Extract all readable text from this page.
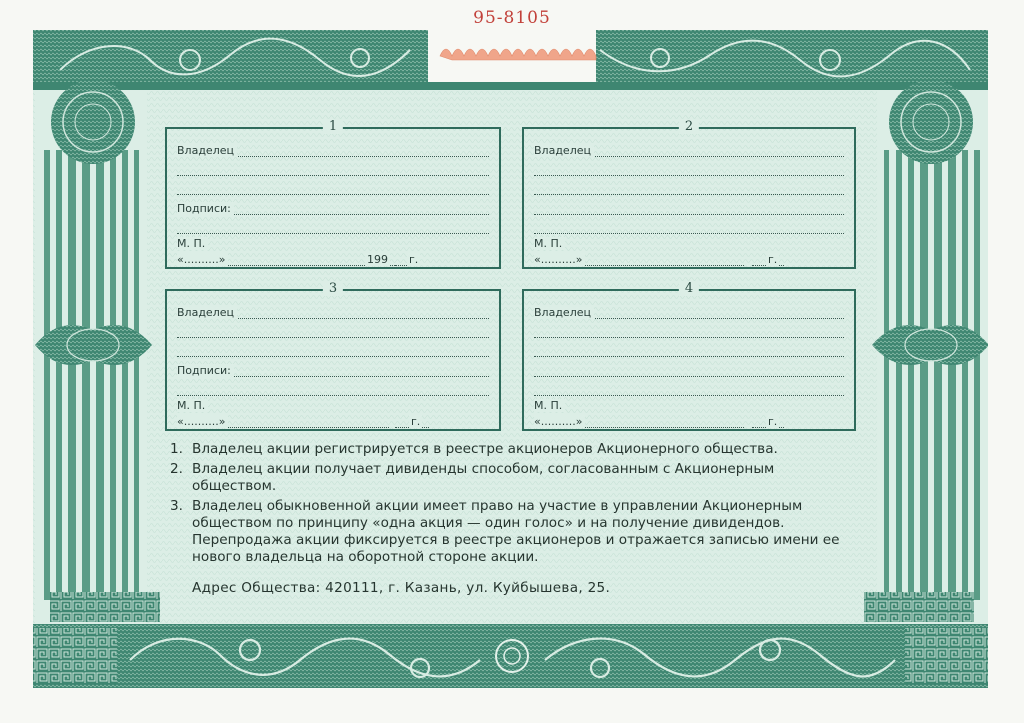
95-8105
1
Владелец
Подписи:
М. П.
«..........»	199 г.
2
Владелец
М. П.
«..........»	г.
3
Владелец
Подписи:
М. П.
«..........»	г.
4
Владелец
М. П.
«..........»	г.
1. Владелец акции регистрируется в реестре акционеров Акционерного общества.
2. Владелец акции получает дивиденды способом, согласованным с Акционерным обществом.
3. Владелец обыкновенной акции имеет право на участие в управлении Акционерным обществом по принципу «одна акция — один голос» и на получение дивидендов. Перепродажа акции фиксируется в реестре акционеров и отражается записью имени ее нового владельца на оборотной стороне акции.
Адрес Общества: 420111, г. Казань, ул. Куйбышева, 25.
